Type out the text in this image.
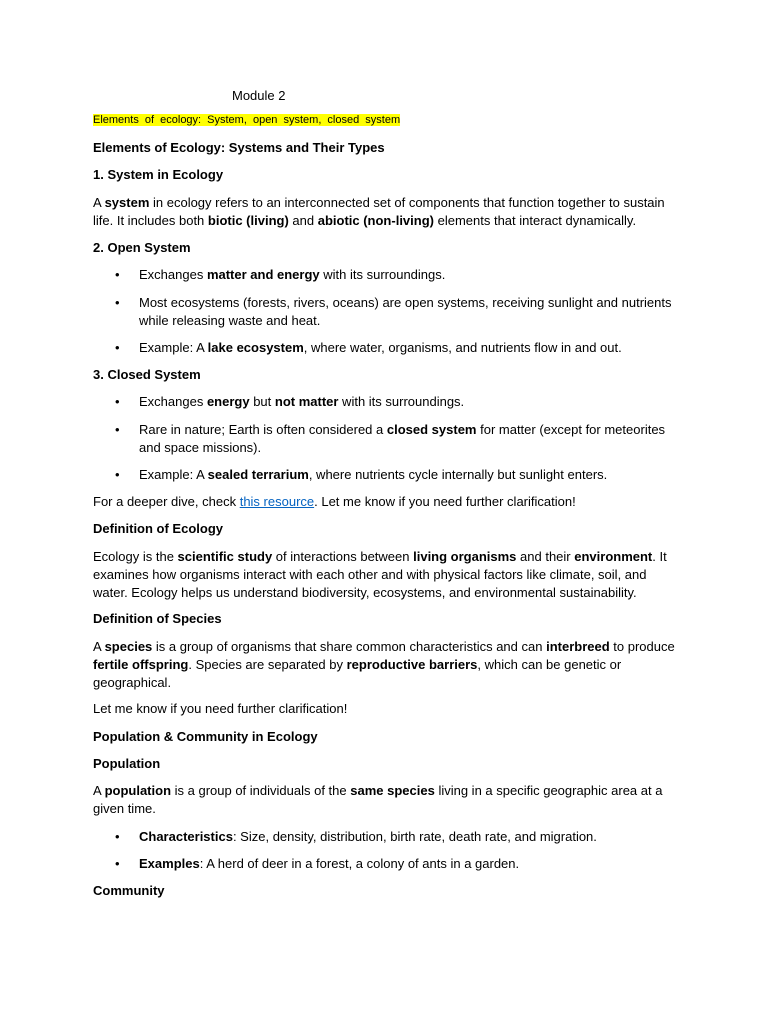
Module 2

Elements of ecology: System, open system, closed system

Elements of Ecology: Systems and Their Types

1. System in Ecology

A system in ecology refers to an interconnected set of components that function together to sustain life. It includes both biotic (living) and abiotic (non-living) elements that interact dynamically.

2. Open System

• Exchanges matter and energy with its surroundings.

• Most ecosystems (forests, rivers, oceans) are open systems, receiving sunlight and nutrients while releasing waste and heat.

• Example: A lake ecosystem, where water, organisms, and nutrients flow in and out.

3. Closed System

• Exchanges energy but not matter with its surroundings.

• Rare in nature; Earth is often considered a closed system for matter (except for meteorites and space missions).

• Example: A sealed terrarium, where nutrients cycle internally but sunlight enters.

For a deeper dive, check this resource. Let me know if you need further clarification!

Definition of Ecology

Ecology is the scientific study of interactions between living organisms and their environment. It examines how organisms interact with each other and with physical factors like climate, soil, and water. Ecology helps us understand biodiversity, ecosystems, and environmental sustainability.

Definition of Species

A species is a group of organisms that share common characteristics and can interbreed to produce fertile offspring. Species are separated by reproductive barriers, which can be genetic or geographical.

Let me know if you need further clarification!

Population & Community in Ecology

Population

A population is a group of individuals of the same species living in a specific geographic area at a given time.

• Characteristics: Size, density, distribution, birth rate, death rate, and migration.

• Examples: A herd of deer in a forest, a colony of ants in a garden.

Community
